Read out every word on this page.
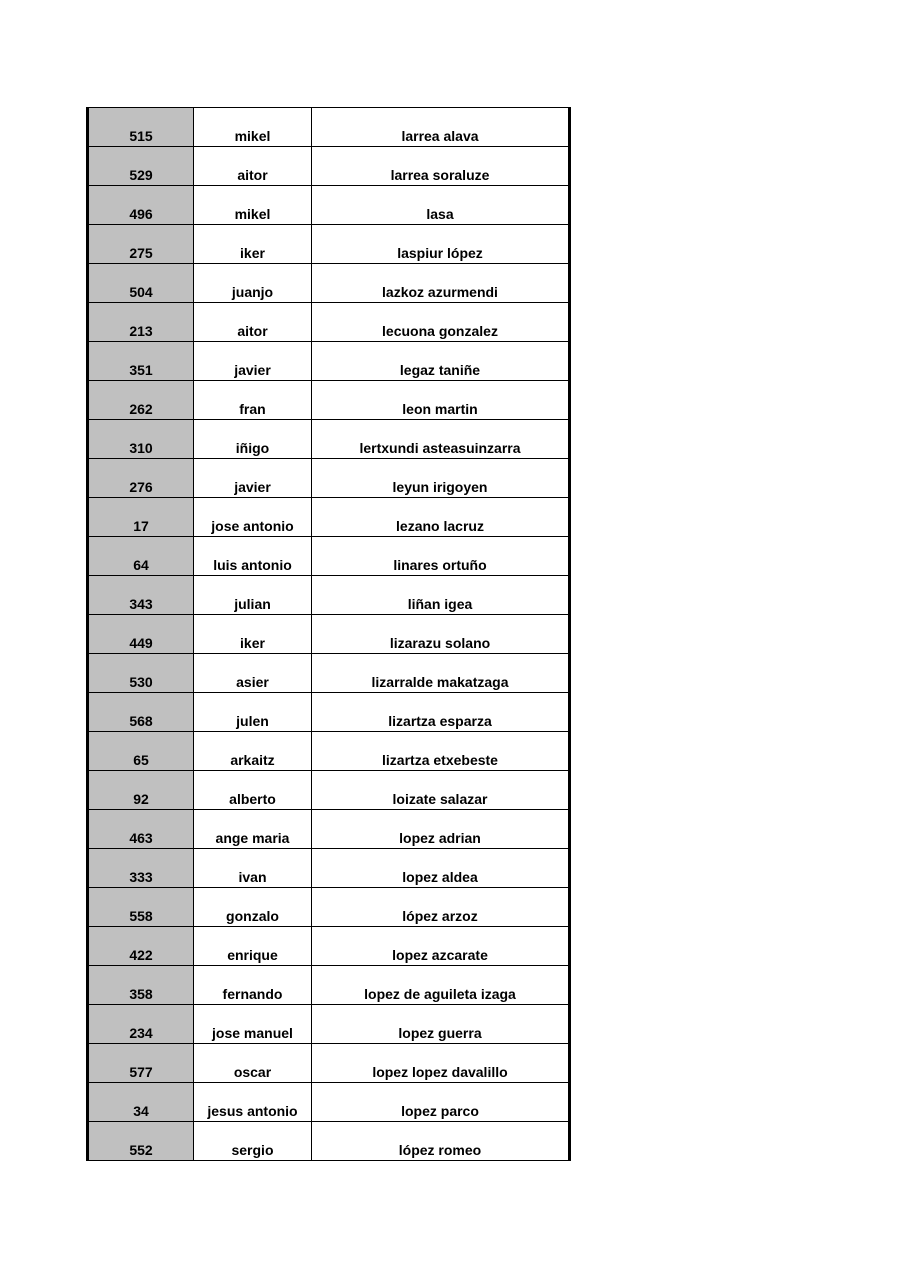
515	mikel	larrea alava
529	aitor	larrea soraluze
496	mikel	lasa
275	iker	laspiur lópez
504	juanjo	lazkoz azurmendi
213	aitor	lecuona gonzalez
351	javier	legaz taniñe
262	fran	leon martin
310	iñigo	lertxundi asteasuinzarra
276	javier	leyun irigoyen
17	jose antonio	lezano lacruz
64	luis antonio	linares ortuño
343	julian	liñan igea
449	iker	lizarazu solano
530	asier	lizarralde makatzaga
568	julen	lizartza esparza
65	arkaitz	lizartza etxebeste
92	alberto	loizate salazar
463	ange maria	lopez adrian
333	ivan	lopez aldea
558	gonzalo	lópez arzoz
422	enrique	lopez azcarate
358	fernando	lopez de aguileta izaga
234	jose manuel	lopez guerra
577	oscar	lopez lopez davalillo
34	jesus antonio	lopez parco
552	sergio	lópez romeo
